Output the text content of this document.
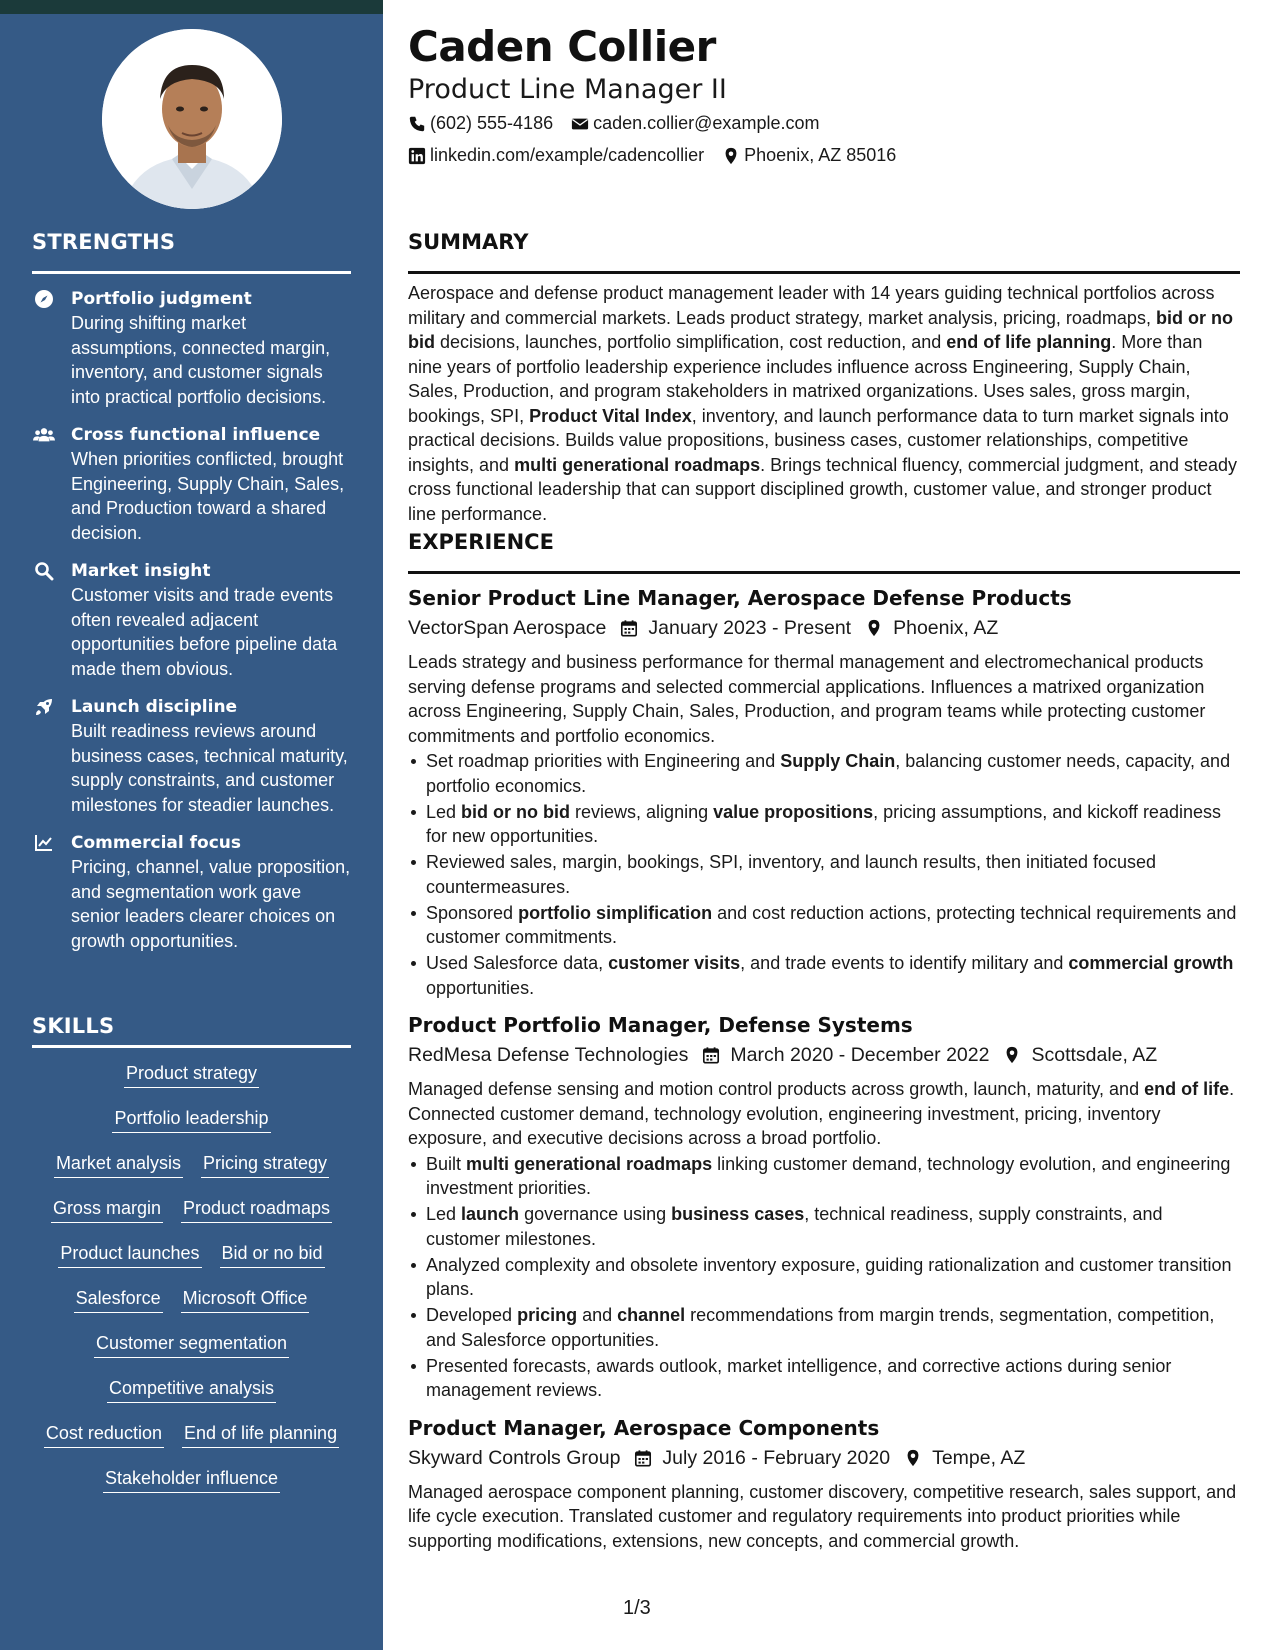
STRENGTHS
Portfolio judgment
During shifting market assumptions, connected margin, inventory, and customer signals into practical portfolio decisions.
Cross functional influence
When priorities conflicted, brought Engineering, Supply Chain, Sales, and Production toward a shared decision.
Market insight
Customer visits and trade events often revealed adjacent opportunities before pipeline data made them obvious.
Launch discipline
Built readiness reviews around business cases, technical maturity, supply constraints, and customer milestones for steadier launches.
Commercial focus
Pricing, channel, value proposition, and segmentation work gave senior leaders clearer choices on growth opportunities.
SKILLS
Product strategy
Portfolio leadership
Market analysis Pricing strategy
Gross margin Product roadmaps
Product launches Bid or no bid
Salesforce Microsoft Office
Customer segmentation
Competitive analysis
Cost reduction End of life planning
Stakeholder influence
Caden Collier
Product Line Manager II
(602) 555-4186 caden.collier@example.com
linkedin.com/example/cadencollier Phoenix, AZ 85016
SUMMARY
Aerospace and defense product management leader with 14 years guiding technical portfolios across military and commercial markets. Leads product strategy, market analysis, pricing, roadmaps, bid or no bid decisions, launches, portfolio simplification, cost reduction, and end of life planning. More than nine years of portfolio leadership experience includes influence across Engineering, Supply Chain, Sales, Production, and program stakeholders in matrixed organizations. Uses sales, gross margin, bookings, SPI, Product Vital Index, inventory, and launch performance data to turn market signals into practical decisions. Builds value propositions, business cases, customer relationships, competitive insights, and multi generational roadmaps. Brings technical fluency, commercial judgment, and steady cross functional leadership that can support disciplined growth, customer value, and stronger product line performance.
EXPERIENCE
Senior Product Line Manager, Aerospace Defense Products
VectorSpan Aerospace January 2023 - Present Phoenix, AZ
Leads strategy and business performance for thermal management and electromechanical products serving defense programs and selected commercial applications. Influences a matrixed organization across Engineering, Supply Chain, Sales, Production, and program teams while protecting customer commitments and portfolio economics.
Set roadmap priorities with Engineering and Supply Chain, balancing customer needs, capacity, and portfolio economics.
Led bid or no bid reviews, aligning value propositions, pricing assumptions, and kickoff readiness for new opportunities.
Reviewed sales, margin, bookings, SPI, inventory, and launch results, then initiated focused countermeasures.
Sponsored portfolio simplification and cost reduction actions, protecting technical requirements and customer commitments.
Used Salesforce data, customer visits, and trade events to identify military and commercial growth opportunities.
Product Portfolio Manager, Defense Systems
RedMesa Defense Technologies March 2020 - December 2022 Scottsdale, AZ
Managed defense sensing and motion control products across growth, launch, maturity, and end of life. Connected customer demand, technology evolution, engineering investment, pricing, inventory exposure, and executive decisions across a broad portfolio.
Built multi generational roadmaps linking customer demand, technology evolution, and engineering investment priorities.
Led launch governance using business cases, technical readiness, supply constraints, and customer milestones.
Analyzed complexity and obsolete inventory exposure, guiding rationalization and customer transition plans.
Developed pricing and channel recommendations from margin trends, segmentation, competition, and Salesforce opportunities.
Presented forecasts, awards outlook, market intelligence, and corrective actions during senior management reviews.
Product Manager, Aerospace Components
Skyward Controls Group July 2016 - February 2020 Tempe, AZ
Managed aerospace component planning, customer discovery, competitive research, sales support, and life cycle execution. Translated customer and regulatory requirements into product priorities while supporting modifications, extensions, new concepts, and commercial growth.
1/3
